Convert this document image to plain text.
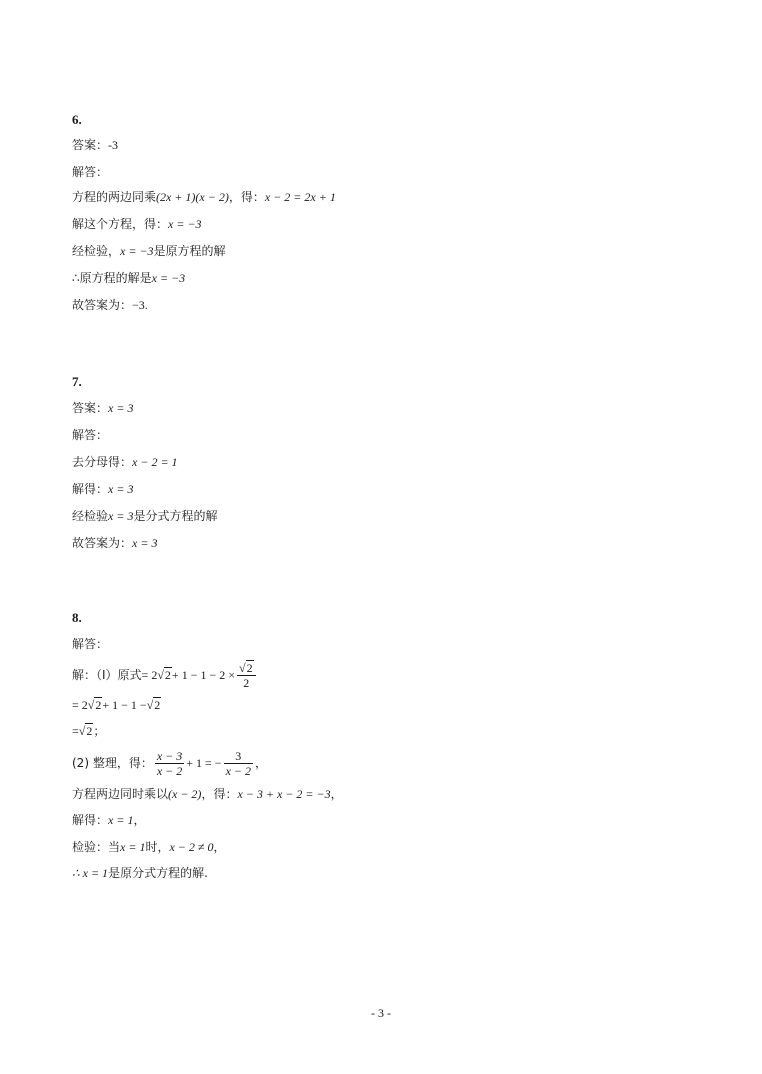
6.
答案：-3
解答：
方程的两边同乘(2x + 1)(x − 2)，得：x − 2 = 2x + 1
解这个方程，得：x = −3
经检验，x = −3是原方程的解
∴原方程的解是x = −3
故答案为：−3.
7.
答案：x = 3
解答：
去分母得：x − 2 = 1
解得：x = 3
经检验x = 3是分式方程的解
故答案为：x = 3
8.
解答：
解：（Ⅰ）原式= $2√2+ 1 - 1 - 2 \times \frac{√2}{2}$
= 2√2+ 1 − 1 −√2
=√2；
(2) 整理，得： $\frac{x - 3}{x - 2} + 1$ = − $\frac{3}{x - 2}$ ，
方程两边同时乘以(x − 2)，得：x − 3 + x − 2 = −3，
解得：x = 1，
检验：当x = 1时，x − 2 ≠ 0，
∴ x = 1是原分式方程的解.
- 3 -
